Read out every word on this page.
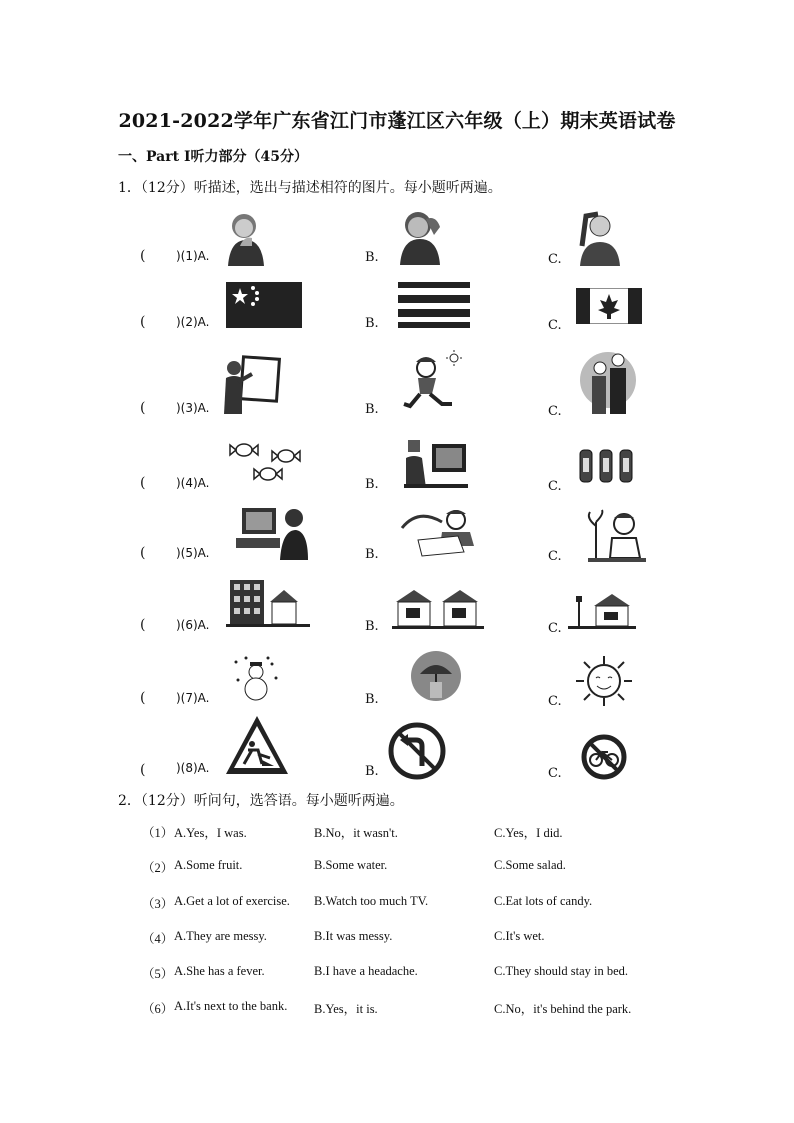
2021-2022学年广东省江门市蓬江区六年级（上）期末英语试卷
一、Part I听力部分（45分）
1．（12分）听描述，选出与描述相符的图片。每小题听两遍。
(	)(1)A.	B.	C.
(	)(2)A.	B.	C.
(	)(3)A.	B.	C.
(	)(4)A.	B.	C.
(	)(5)A.	B.	C.
(	)(6)A.	B.	C.
(	)(7)A.	B.	C.
(	)(8)A.	B.	C.
2．（12分）听问句，选答语。每小题听两遍。
（1） A.Yes，I was.	B.No，it wasn't.	C.Yes，I did.
（2） A.Some fruit.	B.Some water.	C.Some salad.
（3） A.Get a lot of exercise. B.Watch too much TV.	C.Eat lots of candy.
（4） A.They are messy.	B.It was messy.	C.It's wet.
（5） A.She has a fever.	B.I have a headache.	C.They should stay in bed.
（6） A.It's next to the bank. B.Yes，it is.	C.No，it's behind the park.
